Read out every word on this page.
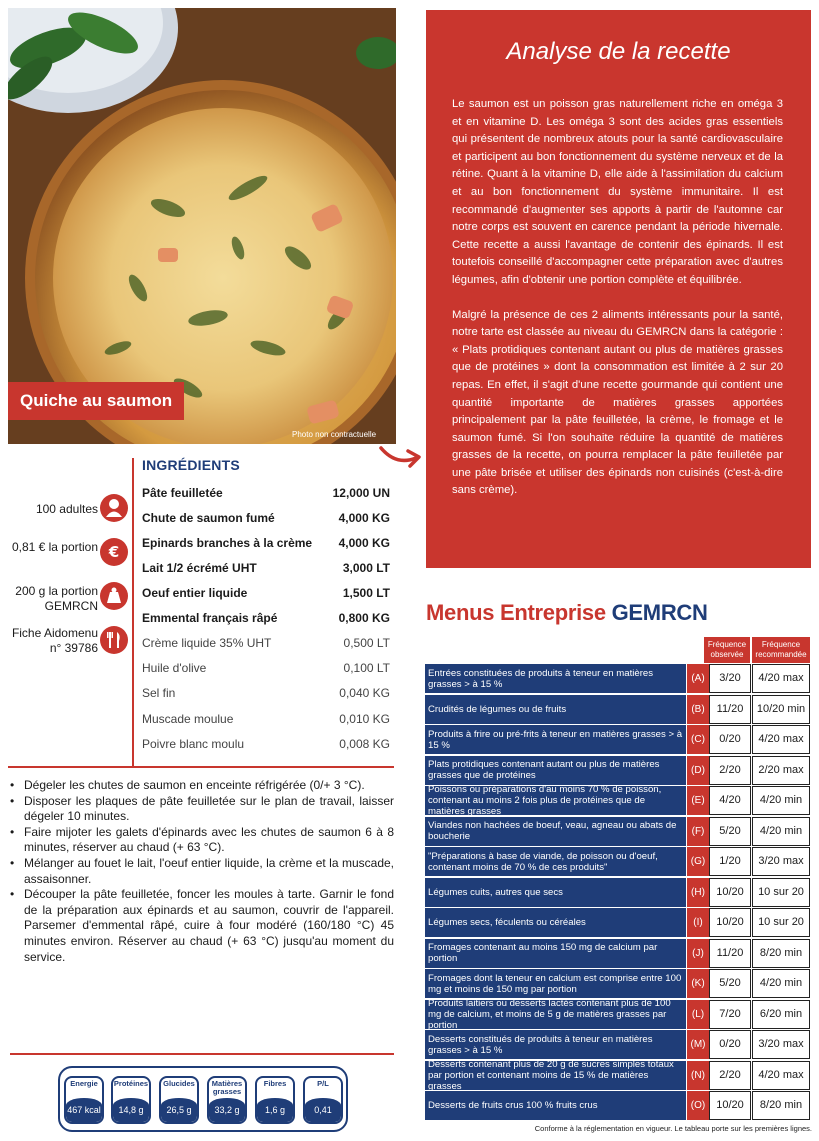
Quiche au saumon
Photo non contractuelle
Analyse de la recette

Le saumon est un poisson gras naturellement riche en oméga 3 et en vitamine D. Les oméga 3 sont des acides gras essentiels qui présentent de nombreux atouts pour la santé cardiovasculaire et participent au bon fonctionnement du système nerveux et de la rétine. Quant à la vitamine D, elle aide à l'assimilation du calcium et au bon fonctionnement du système immunitaire. Il est recommandé d'augmenter ses apports à partir de l'automne car notre corps est souvent en carence pendant la période hivernale. Cette recette a aussi l'avantage de contenir des épinards. Il est toutefois conseillé d'accompagner cette préparation avec d'autres légumes, afin d'obtenir une portion complète et équilibrée.

Malgré la présence de ces 2 aliments intéressants pour la santé, notre tarte est classée au niveau du GEMRCN dans la catégorie : « Plats protidiques contenant autant ou plus de matières grasses que de protéines » dont la consommation est limitée à 2 sur 20 repas. En effet, il s'agit d'une recette gourmande qui contient une quantité importante de matières grasses apportées principalement par la pâte feuilletée, la crème, le fromage et le saumon fumé. Si l'on souhaite réduire la quantité de matières grasses de la recette, on pourra remplacer la pâte feuilletée par une pâte brisée et utiliser des épinards non cuisinés (c'est-à-dire sans crème).

100 adultes
0,81 € la portion €
200 g la portion GEMRCN
Fiche Aidomenu n° 39786
INGRÉDIENTS
Pâte feuilletée	12,000 UN
Chute de saumon fumé	4,000 KG
Epinards branches à la crème 4,000 KG
Lait 1/2 écrémé UHT	3,000 LT
Oeuf entier liquide	1,500 LT
Emmental français râpé	0,800 KG
Crème liquide 35% UHT	0,500 LT
Huile d'olive	0,100 LT
Sel fin	0,040 KG
Muscade moulue	0,010 KG
Poivre blanc moulu	0,008 KG
• Dégeler les chutes de saumon en enceinte réfrigérée (0/+ 3 °C).
• Disposer les plaques de pâte feuilletée sur le plan de travail, laisser dégeler 10 minutes.
• Faire mijoter les galets d'épinards avec les chutes de saumon 6 à 8 minutes, réserver au chaud (+ 63 °C).
• Mélanger au fouet le lait, l'oeuf entier liquide, la crème et la muscade, assaisonner.
• Découper la pâte feuilletée, foncer les moules à tarte. Garnir le fond de la préparation aux épinards et au saumon, couvrir de l'appareil. Parsemer d'emmental râpé, cuire à four modéré (160/180 °C) 45 minutes environ. Réserver au chaud (+ 63 °C) jusqu'au moment du service.
Energie
467 kcal
Protéines
14,8 g
Glucides
26,5 g
Matières grasses
33,2 g
Fibres
1,6 g
P/L
0,41
Menus Entreprise GEMRCN
Fréquence observée
Fréquence recommandée
Entrées constituées de produits à teneur en matières grasses > à 15 %	(A)	3/20	4/20 max
Crudités de légumes ou de fruits	(B)	11/20	10/20 min
Produits à frire ou pré-frits à teneur en matières grasses > à 15 %	(C)	0/20	4/20 max
Plats protidiques contenant autant ou plus de matières grasses que de protéines	(D)	2/20	2/20 max
Poissons ou préparations d'au moins 70 % de poisson, contenant au moins 2 fois plus de protéines que de matières grasses
(E)	4/20	4/20 min
Viandes non hachées de boeuf, veau, agneau ou abats de boucherie	(F)	5/20	4/20 min
"Préparations à base de viande, de poisson ou d'oeuf, contenant moins de 70 % de ces produits"	(G)	1/20	3/20 max
Légumes cuits, autres que secs	(H)	10/20	10 sur 20
Légumes secs, féculents ou céréales	(I)	10/20	10 sur 20
Fromages contenant au moins 150 mg de calcium par portion	(J)	11/20	8/20 min
Fromages dont la teneur en calcium est comprise entre 100 mg et moins de 150 mg par portion	(K)	5/20	4/20 min
Produits laitiers ou desserts lactés contenant plus de 100 mg de calcium, et moins de 5 g de matières grasses par portion
(L)	7/20	6/20 min
Desserts constitués de produits à teneur en matières grasses > à 15 %	(M)	0/20	3/20 max
Desserts contenant plus de 20 g de sucres simples totaux par portion et contenant moins de 15 % de matières grasses
(N)	2/20	4/20 max
Desserts de fruits crus 100 % fruits crus	(O)	10/20	8/20 min
Conforme à la réglementation en vigueur. Le tableau porte sur les premières lignes.
